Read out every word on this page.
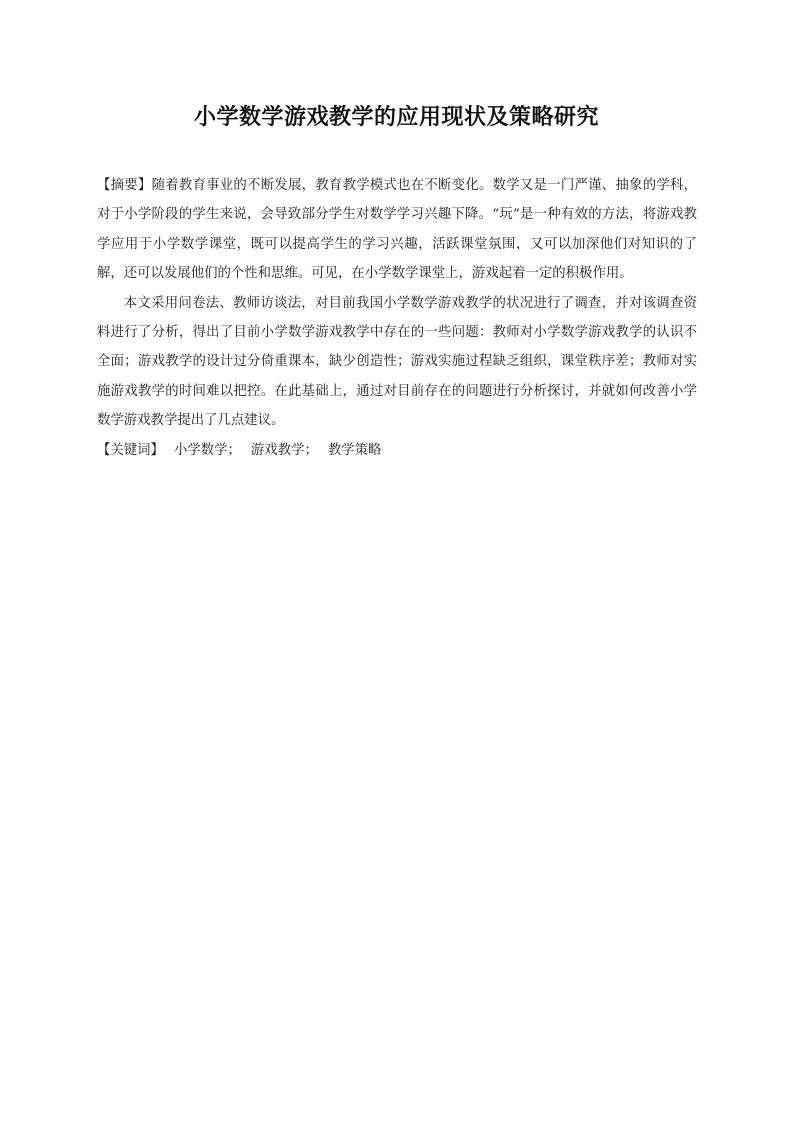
小学数学游戏教学的应用现状及策略研究

【摘要】随着教育事业的不断发展，教育教学模式也在不断变化。数学又是一门严谨、抽象的学科，对于小学阶段的学生来说，会导致部分学生对数学学习兴趣下降。“玩”是一种有效的方法，将游戏教学应用于小学数学课堂，既可以提高学生的学习兴趣，活跃课堂氛围，又可以加深他们对知识的了解，还可以发展他们的个性和思维。可见，在小学数学课堂上，游戏起着一定的积极作用。

本文采用问卷法、教师访谈法，对目前我国小学数学游戏教学的状况进行了调查，并对该调查资料进行了分析，得出了目前小学数学游戏教学中存在的一些问题：教师对小学数学游戏教学的认识不全面；游戏教学的设计过分倚重课本，缺少创造性；游戏实施过程缺乏组织，课堂秩序差；教师对实施游戏教学的时间难以把控。在此基础上，通过对目前存在的问题进行分析探讨，并就如何改善小学数学游戏教学提出了几点建议。

【关键词】 小学数学； 游戏教学； 教学策略
